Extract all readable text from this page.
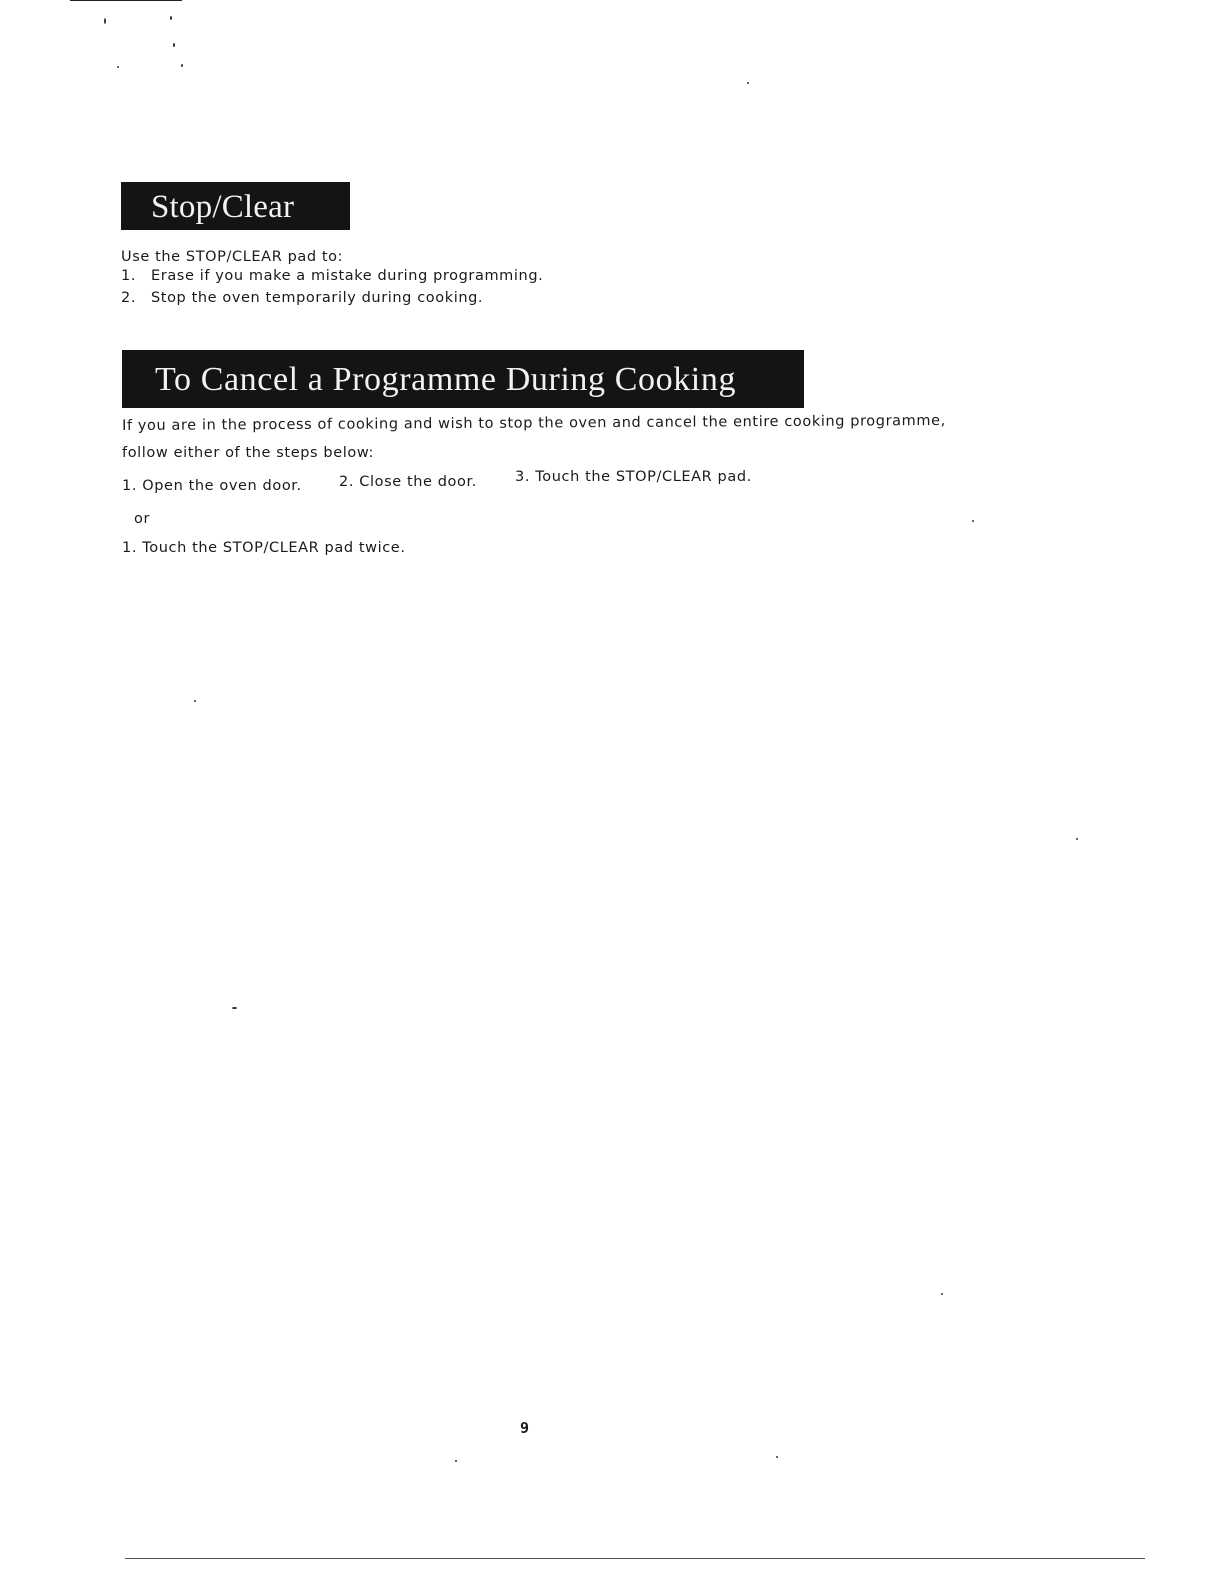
Stop/Clear
Use the STOP/CLEAR pad to:
1. Erase if you make a mistake during programming.
2. Stop the oven temporarily during cooking.
To Cancel a Programme During Cooking
If you are in the process of cooking and wish to stop the oven and cancel the entire cooking programme,
follow either of the steps below:
1. Open the oven door.	2. Close the door.	3. Touch the STOP/CLEAR pad.
or
1. Touch the STOP/CLEAR pad twice.
9
